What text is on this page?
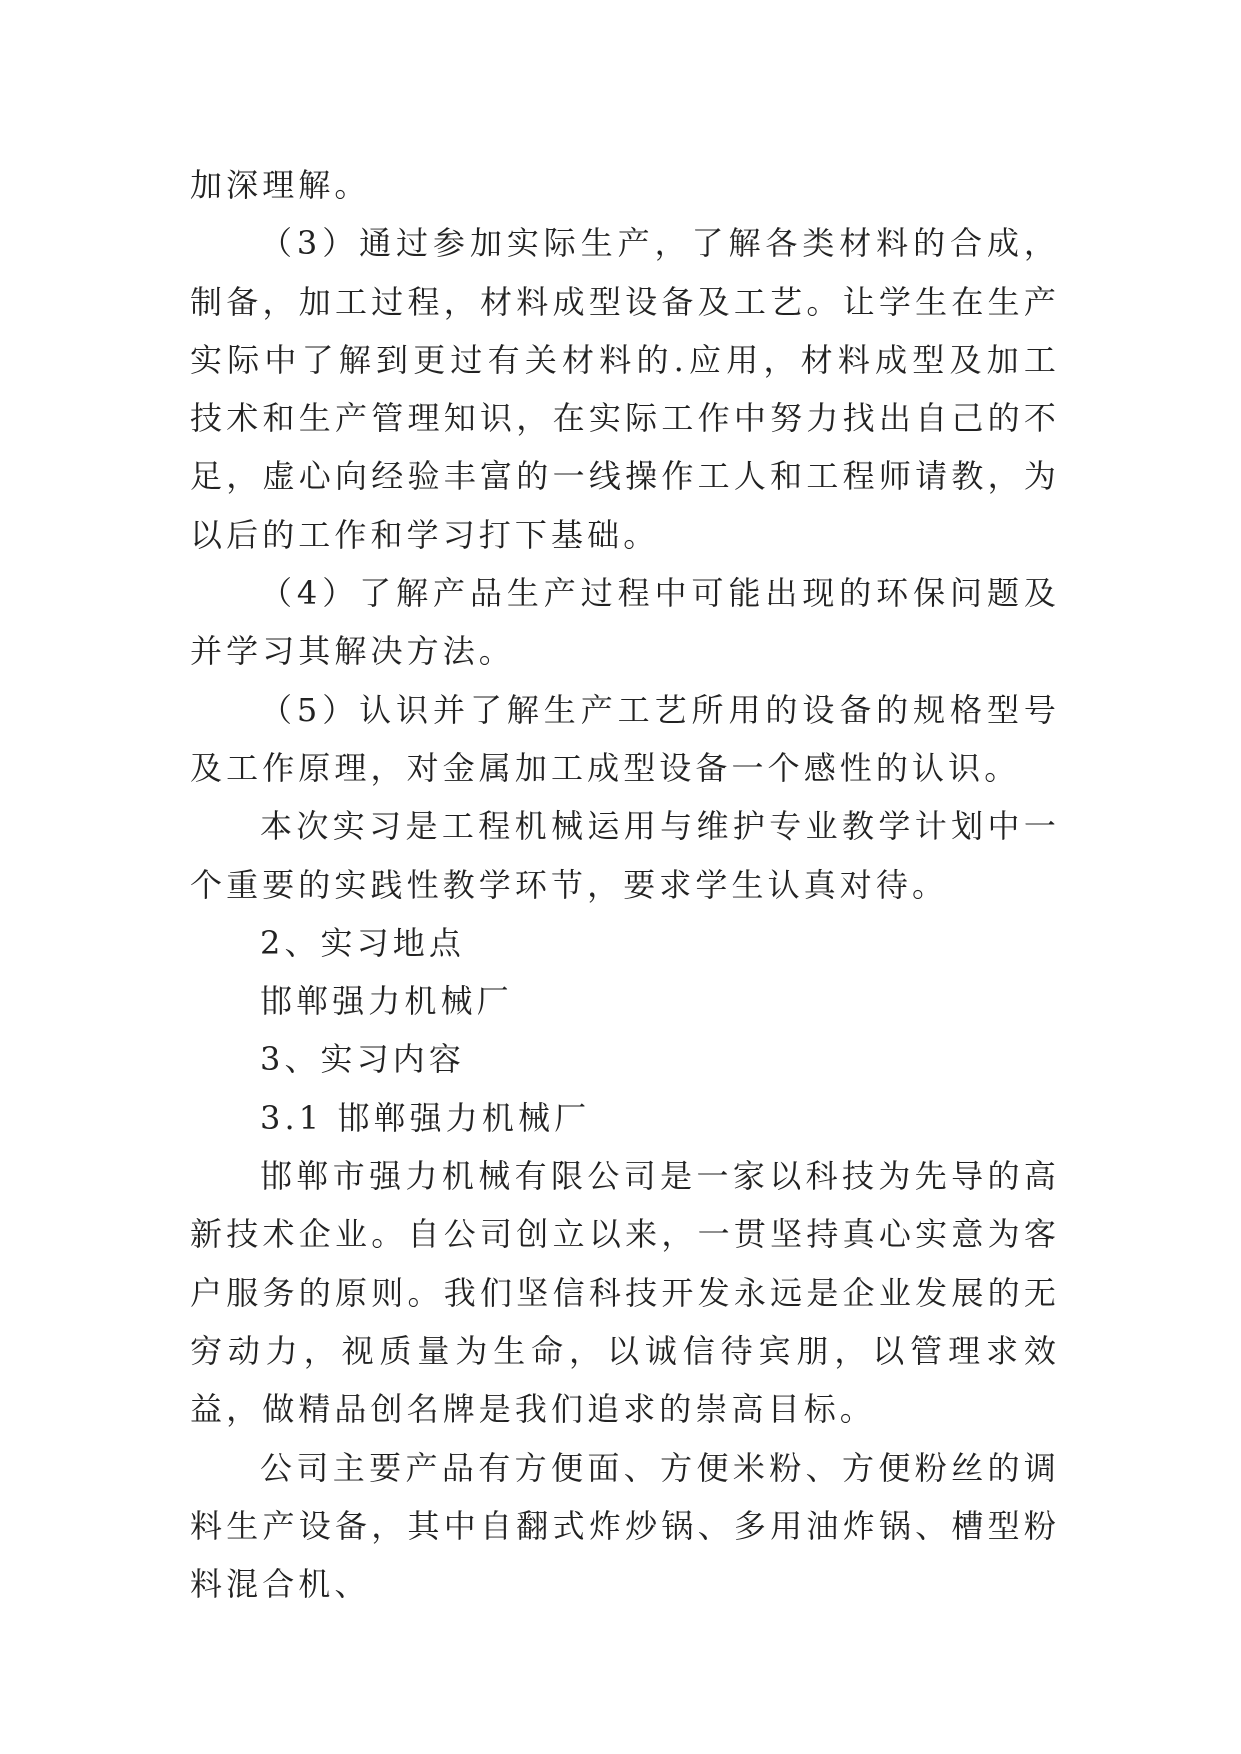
加深理解。

（3）通过参加实际生产，了解各类材料的合成，制备，加工过程，材料成型设备及工艺。让学生在生产实际中了解到更过有关材料的.应用，材料成型及加工技术和生产管理知识，在实际工作中努力找出自己的不足，虚心向经验丰富的一线操作工人和工程师请教，为以后的工作和学习打下基础。

（4）了解产品生产过程中可能出现的环保问题及并学习其解决方法。

（5）认识并了解生产工艺所用的设备的规格型号及工作原理，对金属加工成型设备一个感性的认识。

本次实习是工程机械运用与维护专业教学计划中一个重要的实践性教学环节，要求学生认真对待。

2、实习地点

邯郸强力机械厂

3、实习内容

3.1 邯郸强力机械厂

邯郸市强力机械有限公司是一家以科技为先导的高新技术企业。自公司创立以来，一贯坚持真心实意为客户服务的原则。我们坚信科技开发永远是企业发展的无穷动力，视质量为生命，以诚信待宾朋，以管理求效益，做精品创名牌是我们追求的崇高目标。

公司主要产品有方便面、方便米粉、方便粉丝的调料生产设备，其中自翻式炸炒锅、多用油炸锅、槽型粉料混合机、
